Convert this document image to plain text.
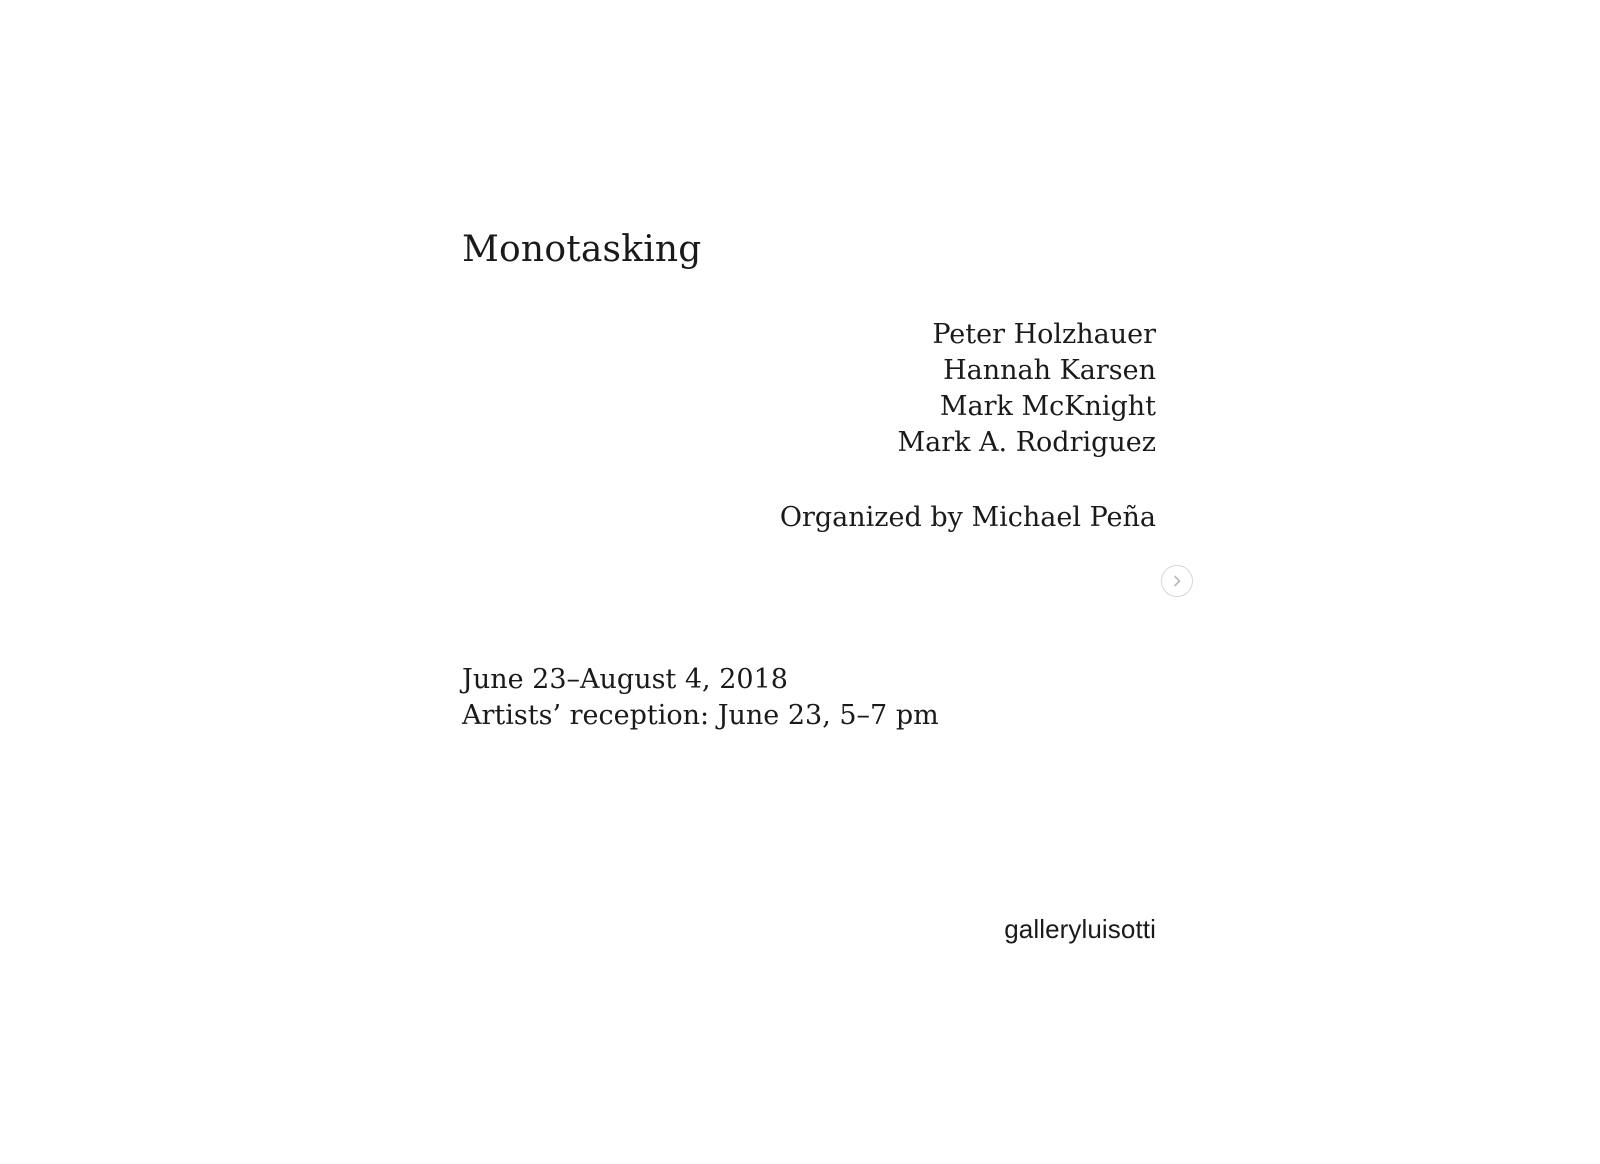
Monotasking
Peter Holzhauer
Hannah Karsen
Mark McKnight
Mark A. Rodriguez
Organized by Michael Peña
June 23–August 4, 2018
Artists’ reception: June 23, 5–7 pm
galleryluisotti
